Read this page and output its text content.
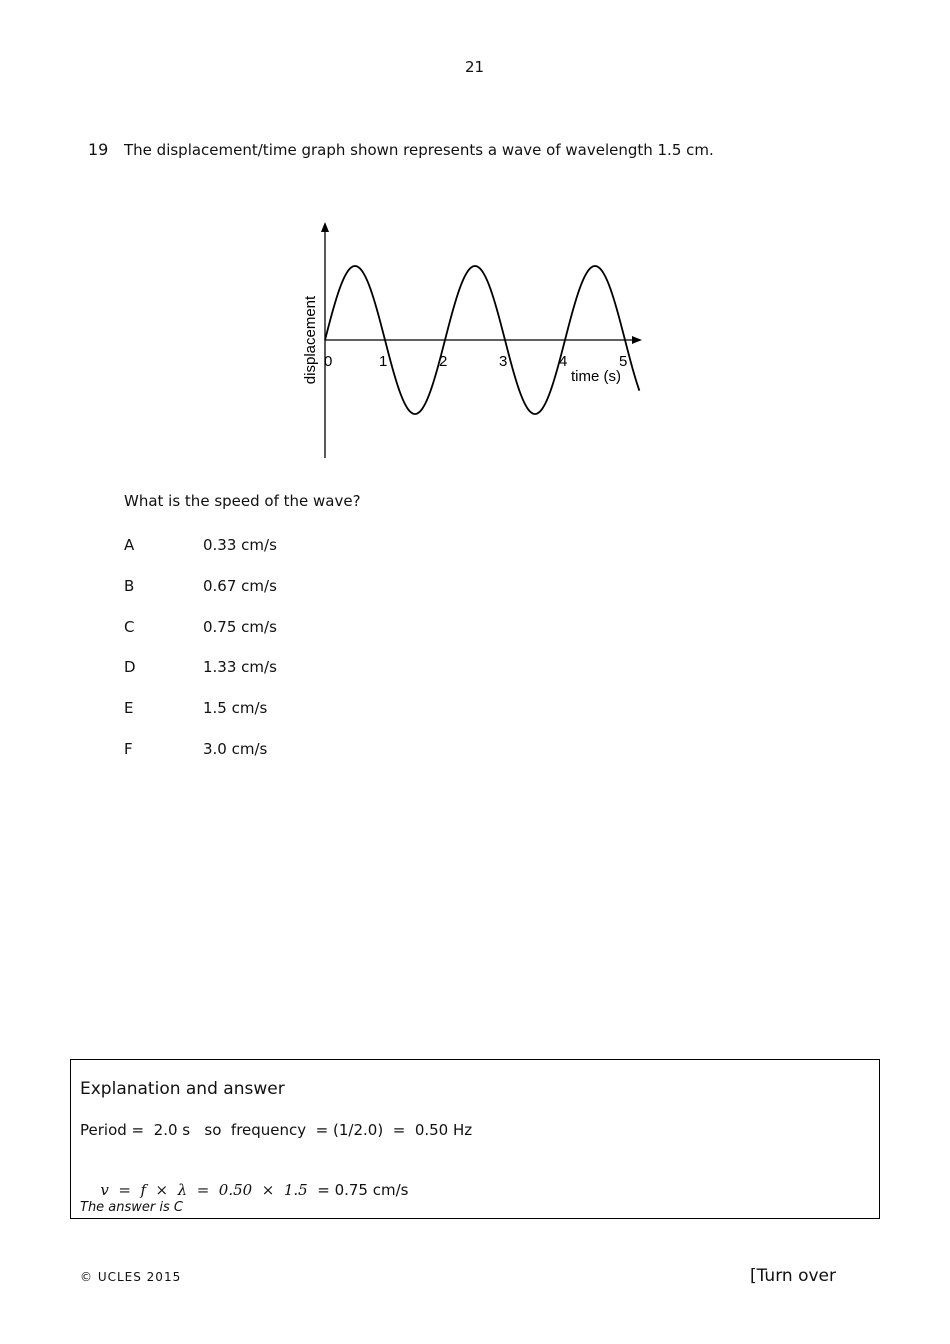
21
19 The displacement/time graph shown represents a wave of wavelength 1.5 cm.
0	1	2	3	4	5
displacement	time (s)
What is the speed of the wave?
A	0.33 cm/s
B	0.67 cm/s
C	0.75 cm/s
D	1.33 cm/s
E	1.5 cm/s
F	3.0 cm/s
Explanation and answer
Period =  2.0 s   so  frequency  = (1/2.0)  =  0.50 Hz

v  =  f  ×  λ  =  0.50  ×  1.5  = 0.75 cm/s

The answer is C
© UCLES 2015	[Turn over
